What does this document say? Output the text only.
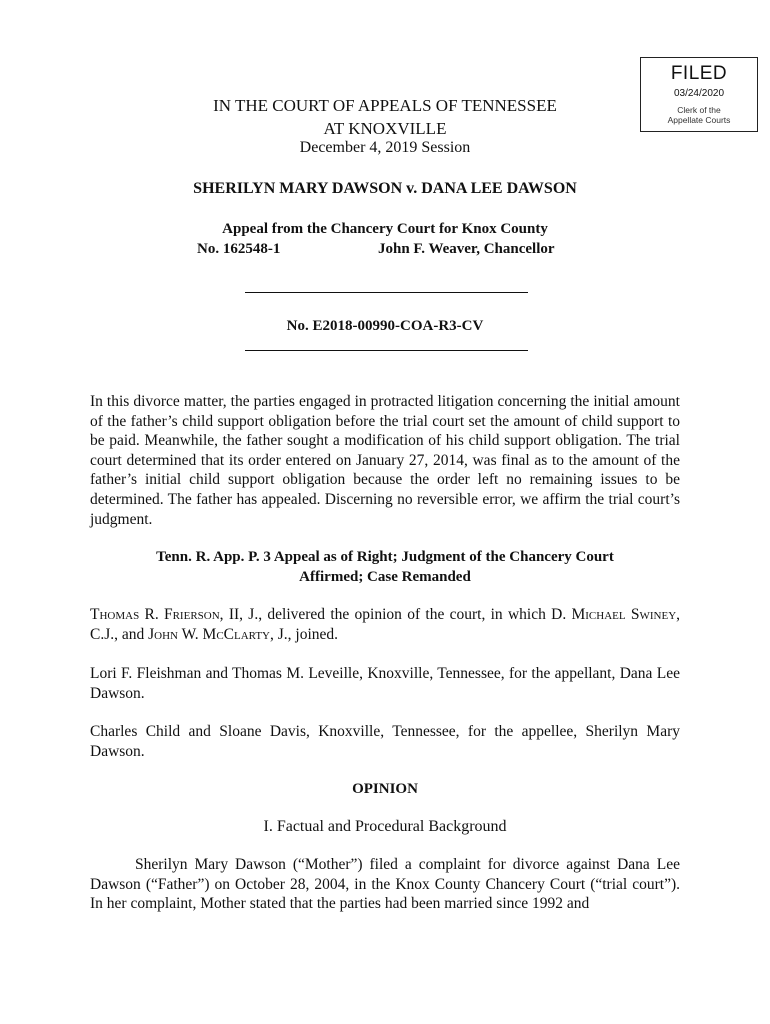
FILED
03/24/2020
Clerk of the
Appellate Courts
IN THE COURT OF APPEALS OF TENNESSEE
AT KNOXVILLE
December 4, 2019 Session
SHERILYN MARY DAWSON v. DANA LEE DAWSON
Appeal from the Chancery Court for Knox County
No. 162548-1	John F. Weaver, Chancellor
No. E2018-00990-COA-R3-CV
In this divorce matter, the parties engaged in protracted litigation concerning the initial amount of the father’s child support obligation before the trial court set the amount of child support to be paid. Meanwhile, the father sought a modification of his child support obligation. The trial court determined that its order entered on January 27, 2014, was final as to the amount of the father’s initial child support obligation because the order left no remaining issues to be determined. The father has appealed. Discerning no reversible error, we affirm the trial court’s judgment.
Tenn. R. App. P. 3 Appeal as of Right; Judgment of the Chancery Court
Affirmed; Case Remanded
Thomas R. Frierson, II, J., delivered the opinion of the court, in which D. Michael Swiney, C.J., and John W. McClarty, J., joined.
Lori F. Fleishman and Thomas M. Leveille, Knoxville, Tennessee, for the appellant, Dana Lee Dawson.
Charles Child and Sloane Davis, Knoxville, Tennessee, for the appellee, Sherilyn Mary Dawson.
OPINION
I. Factual and Procedural Background
Sherilyn Mary Dawson (“Mother”) filed a complaint for divorce against Dana Lee Dawson (“Father”) on October 28, 2004, in the Knox County Chancery Court (“trial court”). In her complaint, Mother stated that the parties had been married since 1992 and
